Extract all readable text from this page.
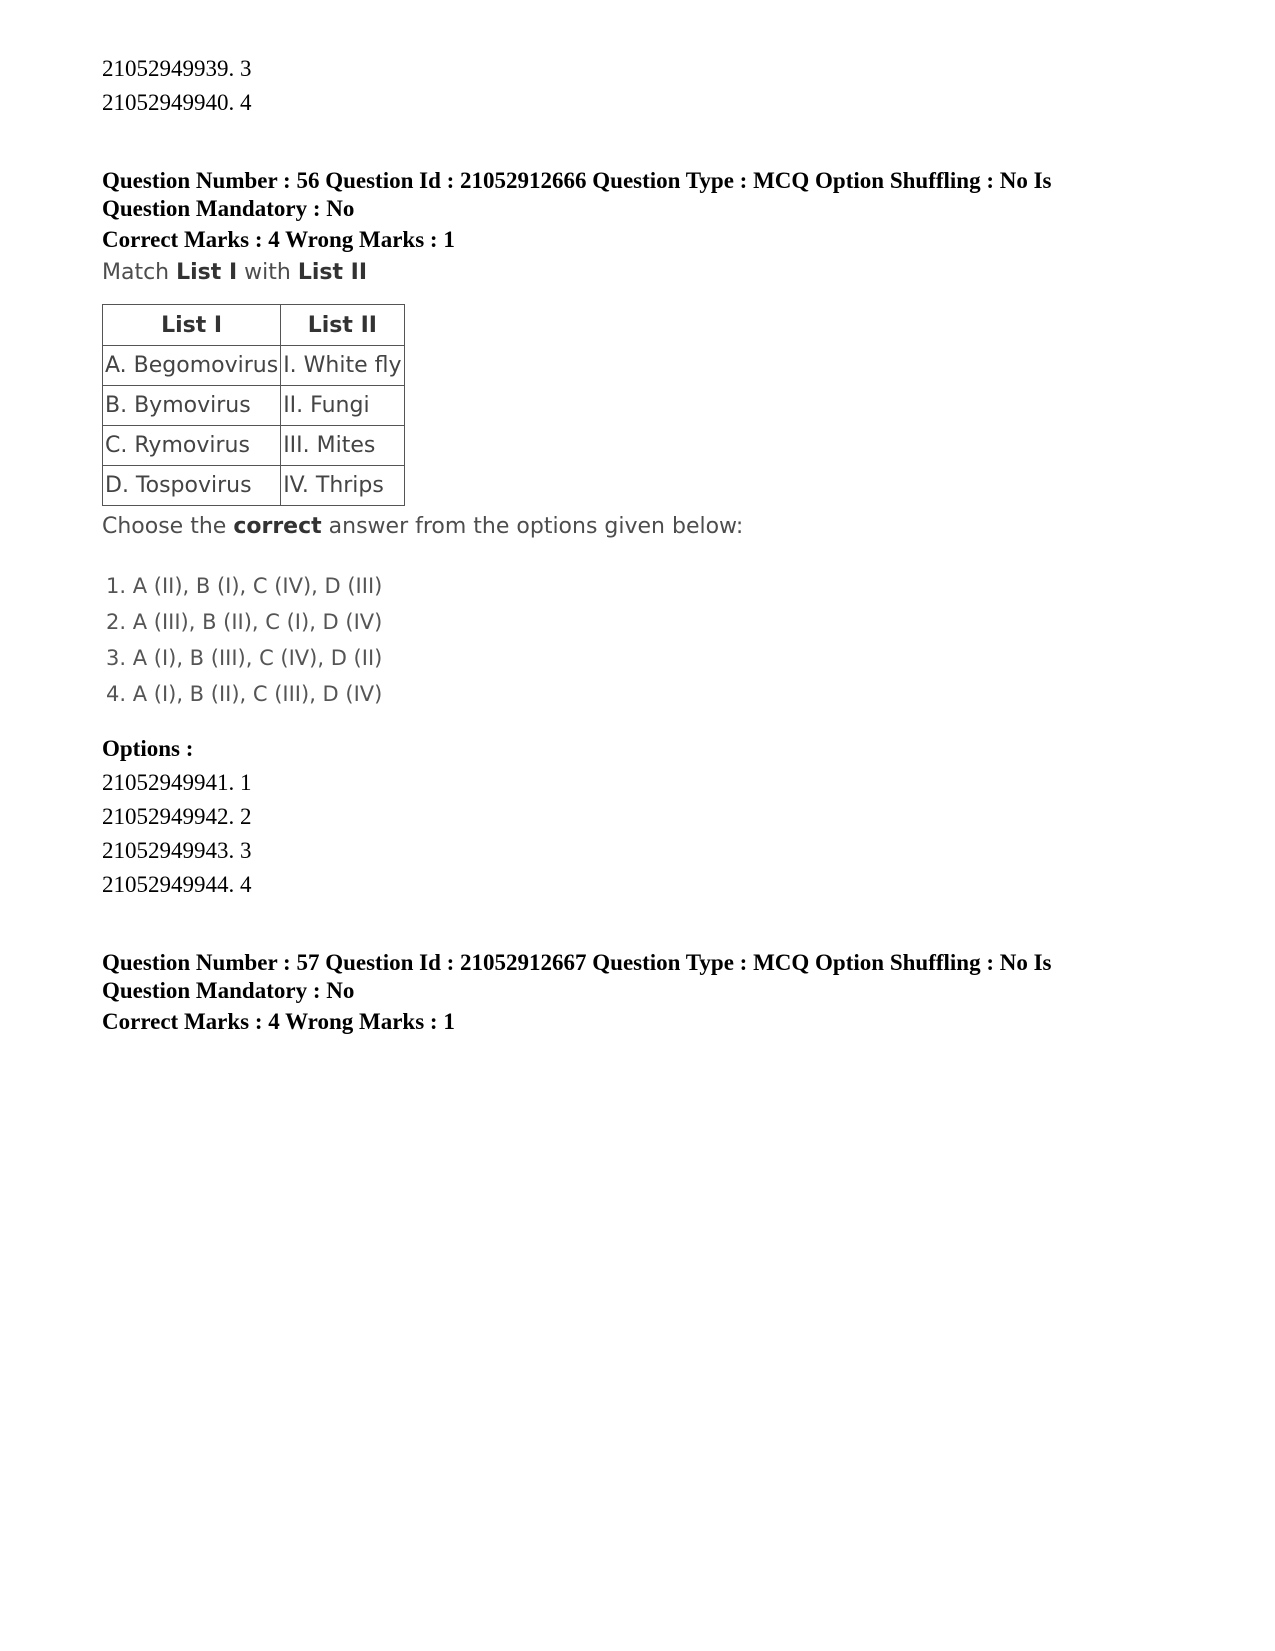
21052949939. 3

21052949940. 4

Question Number : 56 Question Id : 21052912666 Question Type : MCQ Option Shuffling : No Is

Question Mandatory : No

Correct Marks : 4 Wrong Marks : 1

Match List I with List II

List I	List II
A. Begomovirus	I. White fly
B. Bymovirus	II. Fungi
C. Rymovirus	III. Mites
D. Tospovirus	IV. Thrips

Choose the correct answer from the options given below:

1. A (II), B (I), C (IV), D (III)
2. A (III), B (II), C (I), D (IV)
3. A (I), B (III), C (IV), D (II)
4. A (I), B (II), C (III), D (IV)

Options :

21052949941. 1

21052949942. 2

21052949943. 3

21052949944. 4

Question Number : 57 Question Id : 21052912667 Question Type : MCQ Option Shuffling : No Is

Question Mandatory : No

Correct Marks : 4 Wrong Marks : 1
